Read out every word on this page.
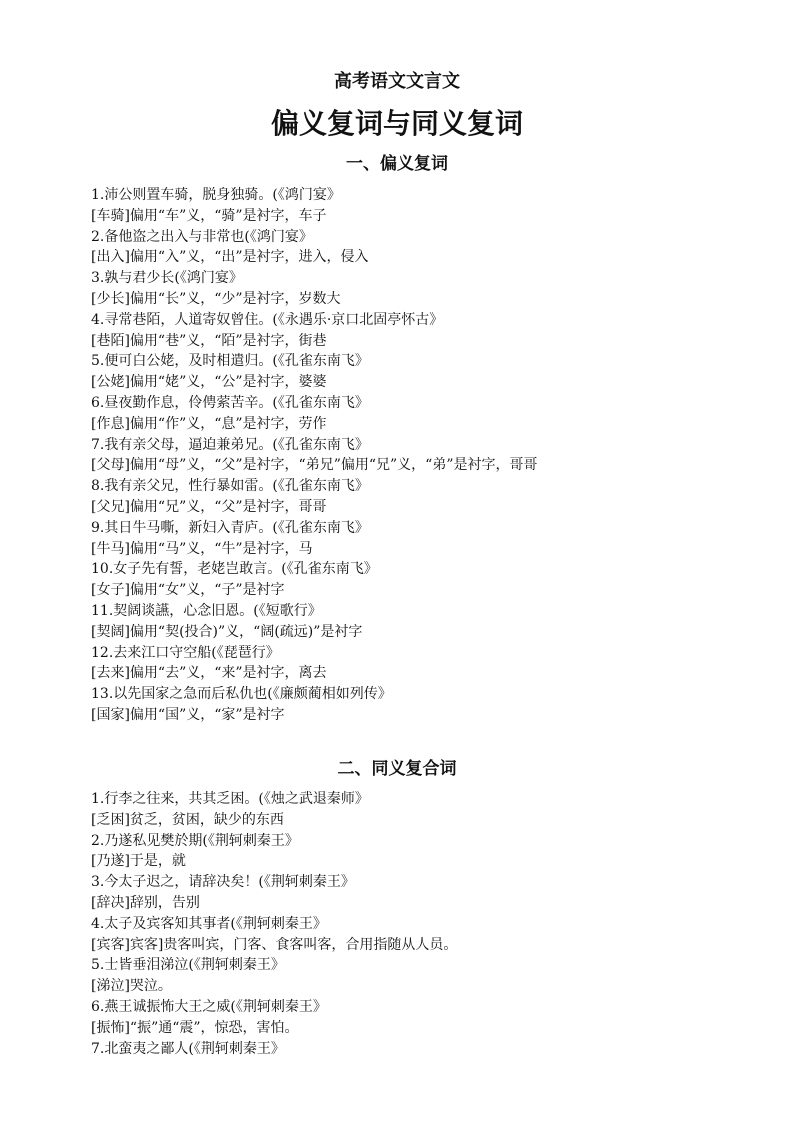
高考语文文言文
偏义复词与同义复词
一、偏义复词
1.沛公则置车骑，脱身独骑。(《鸿门宴》
[车骑]偏用“车”义，“骑”是衬字，车子
2.备他盗之出入与非常也(《鸿门宴》
[出入]偏用“入”义，“出”是衬字，进入，侵入
3.孰与君少长(《鸿门宴》
[少长]偏用“长”义，“少”是衬字，岁数大
4.寻常巷陌，人道寄奴曾住。(《永遇乐·京口北固亭怀古》
[巷陌]偏用“巷”义，“陌”是衬字，街巷
5.便可白公姥，及时相遣归。(《孔雀东南飞》
[公姥]偏用“姥”义，“公”是衬字，婆婆
6.昼夜勤作息，伶俜萦苦辛。(《孔雀东南飞》
[作息]偏用“作”义，“息”是衬字，劳作
7.我有亲父母，逼迫兼弟兄。(《孔雀东南飞》
[父母]偏用“母”义，“父”是衬字，“弟兄”偏用“兄”义，“弟”是衬字，哥哥
8.我有亲父兄，性行暴如雷。(《孔雀东南飞》
[父兄]偏用“兄”义，“父”是衬字，哥哥
9.其日牛马嘶，新妇入青庐。(《孔雀东南飞》
[牛马]偏用“马”义，“牛”是衬字，马
10.女子先有誓，老姥岂敢言。(《孔雀东南飞》
[女子]偏用“女”义，“子”是衬字
11.契阔谈讌，心念旧恩。(《短歌行》
[契阔]偏用“契(投合)”义，“阔(疏远)”是衬字
12.去来江口守空船(《琵琶行》
[去来]偏用“去”义，“来”是衬字，离去
13.以先国家之急而后私仇也(《廉颇蔺相如列传》
[国家]偏用“国”义，“家”是衬字
二、同义复合词
1.行李之往来，共其乏困。(《烛之武退秦师》
[乏困]贫乏，贫困，缺少的东西
2.乃遂私见樊於期(《荆轲刺秦王》
[乃遂]于是，就
3.今太子迟之，请辞决矣！(《荆轲刺秦王》
[辞决]辞别，告别
4.太子及宾客知其事者(《荆轲刺秦王》
[宾客]宾客]贵客叫宾，门客、食客叫客，合用指随从人员。
5.士皆垂泪涕泣(《荆轲刺秦王》
[涕泣]哭泣。
6.燕王诚振怖大王之威(《荆轲刺秦王》
[振怖]“振”通“震”，惊恐，害怕。
7.北蛮夷之鄙人(《荆轲刺秦王》
